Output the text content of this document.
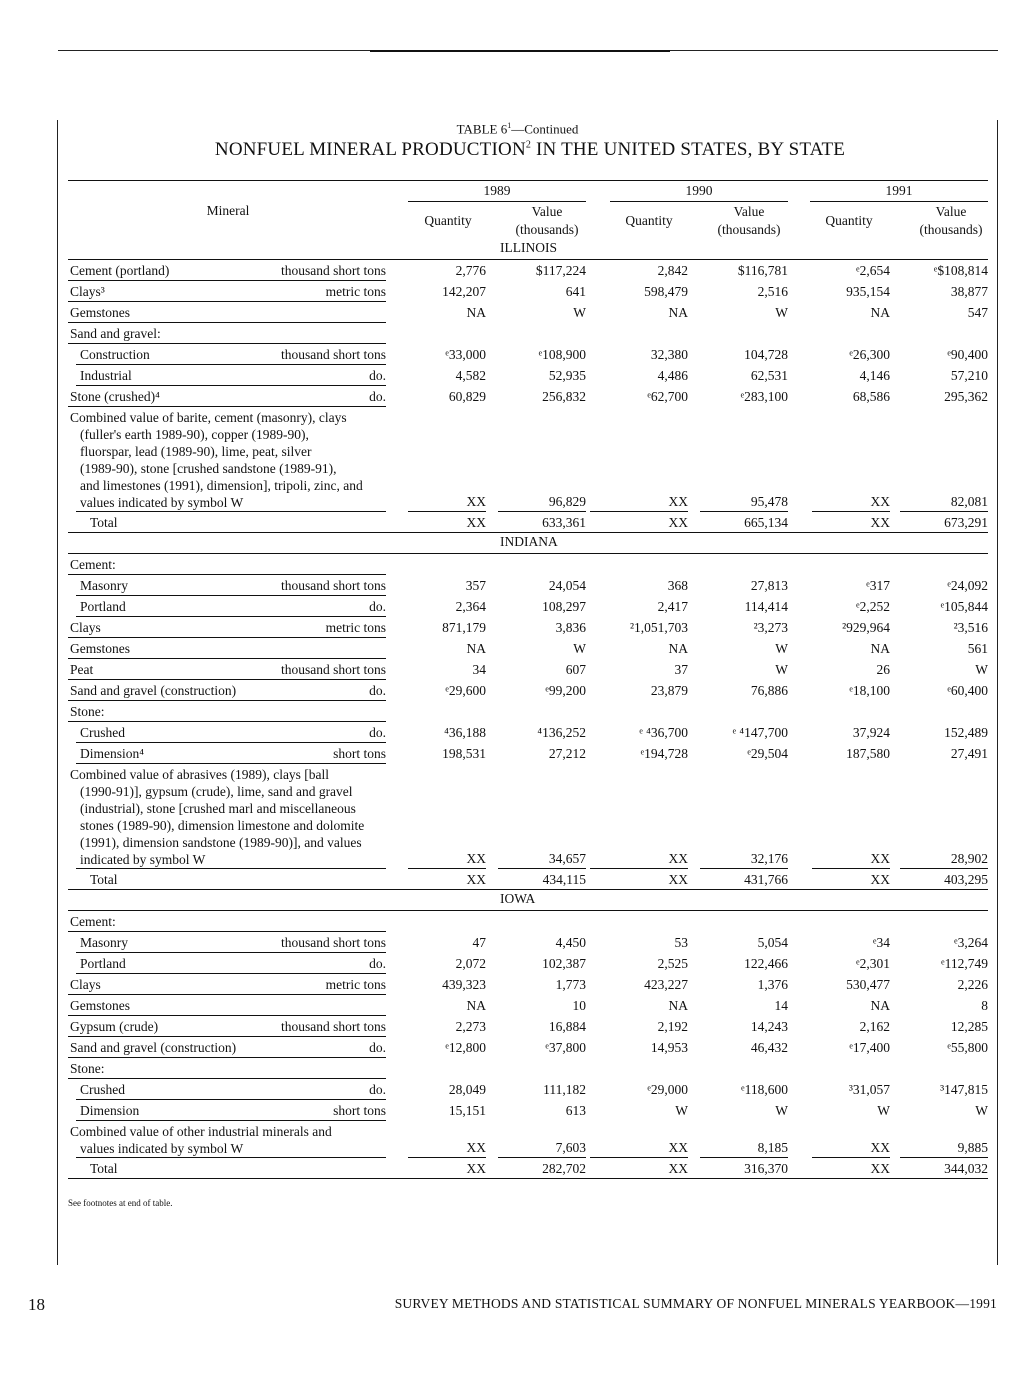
TABLE $6^1—Continued$
NONFUEL MINERAL PRODUCTION$^2$ IN THE UNITED STATES, BY STATE
Mineral
1989
Quantity
Value
(thousands)
1990
Quantity
Value
(thousands)
1991
Quantity
Value
(thousands)
ILLINOIS
Cement (portland)	thousand short tons	2,776	$117,224	2,842	$116,781	ᵉ2,654	ᵉ$108,814
Clays³	metric tons	142,207	641	598,479	2,516	935,154	38,877
Gemstones	NA	W	NA	W	NA	547
Sand and gravel:
Construction	thousand short tons	ᵉ33,000	ᵉ108,900	32,380	104,728	ᵉ26,300	ᵉ90,400
Industrial	do.	4,582	52,935	4,486	62,531	4,146	57,210
Stone (crushed)⁴	do.	60,829	256,832	ᵉ62,700	ᵉ283,100	68,586	295,362
Combined value of barite, cement (masonry), clays
(fuller's earth 1989-90), copper (1989-90),
fluorspar, lead (1989-90), lime, peat, silver
(1989-90), stone [crushed sandstone (1989-91),
and limestones (1991), dimension], tripoli, zinc, and
values indicated by symbol W	XX	96,829	XX	95,478	XX	82,081
Total	XX	633,361	XX	665,134	XX	673,291
INDIANA
Cement:
Masonry	thousand short tons	357	24,054	368	27,813	ᵉ317	ᵉ24,092
Portland	do.	2,364	108,297	2,417	114,414	ᵉ2,252	ᵉ105,844
Clays	metric tons	871,179	3,836	²1,051,703	²3,273	²929,964	²3,516
Gemstones	NA	W	NA	W	NA	561
Peat	thousand short tons	34	607	37	W	26	W
Sand and gravel (construction)	do.	ᵉ29,600	ᵉ99,200	23,879	76,886	ᵉ18,100	ᵉ60,400
Stone:
Crushed	do.	⁴36,188	⁴136,252	ᵉ ⁴36,700	ᵉ ⁴147,700	37,924	152,489
Dimension⁴	short tons	198,531	27,212	ᵉ194,728	ᵉ29,504	187,580	27,491
Combined value of abrasives (1989), clays [ball
(1990-91)], gypsum (crude), lime, sand and gravel
(industrial), stone [crushed marl and miscellaneous
stones (1989-90), dimension limestone and dolomite
(1991), dimension sandstone (1989-90)], and values
indicated by symbol W	XX	34,657	XX	32,176	XX	28,902
Total	XX	434,115	XX	431,766	XX	403,295
IOWA
Cement:
Masonry	thousand short tons	47	4,450	53	5,054	ᵉ34	ᵉ3,264
Portland	do.	2,072	102,387	2,525	122,466	ᵉ2,301	ᵉ112,749
Clays	metric tons	439,323	1,773	423,227	1,376	530,477	2,226
Gemstones	NA	10	NA	14	NA	8
Gypsum (crude)	thousand short tons	2,273	16,884	2,192	14,243	2,162	12,285
Sand and gravel (construction)	do.	ᵉ12,800	ᵉ37,800	14,953	46,432	ᵉ17,400	ᵉ55,800
Stone:
Crushed	do.	28,049	111,182	ᵉ29,000	ᵉ118,600	³31,057	³147,815
Dimension	short tons	15,151	613	W	W	W	W
Combined value of other industrial minerals and
values indicated by symbol W	XX	7,603	XX	8,185	XX	9,885
Total	XX	282,702	XX	316,370	XX	344,032
See footnotes at end of table.
18	SURVEY METHODS AND STATISTICAL SUMMARY OF NONFUEL MINERALS YEARBOOK—1991
